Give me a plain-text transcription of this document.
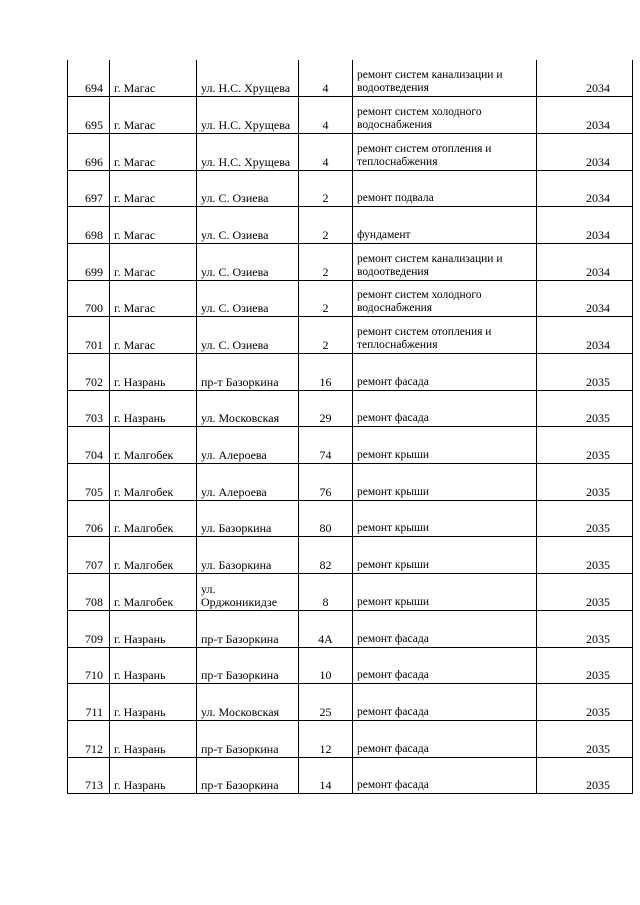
694	г. Магас	ул. Н.С. Хрущева	4	ремонт систем канализации и водоотведения	2034
695	г. Магас	ул. Н.С. Хрущева	4	ремонт систем холодного водоснабжения	2034
696	г. Магас	ул. Н.С. Хрущева	4	ремонт систем отопления и теплоснабжения	2034
697	г. Магас	ул. С. Озиева	2	ремонт подвала	2034
698	г. Магас	ул. С. Озиева	2	фундамент	2034
699	г. Магас	ул. С. Озиева	2	ремонт систем канализации и водоотведения	2034
700	г. Магас	ул. С. Озиева	2	ремонт систем холодного водоснабжения	2034
701	г. Магас	ул. С. Озиева	2	ремонт систем отопления и теплоснабжения	2034
702	г. Назрань	пр-т Базоркина	16	ремонт фасада	2035
703	г. Назрань	ул. Московская	29	ремонт фасада	2035
704	г. Малгобек	ул. Алероева	74	ремонт крыши	2035
705	г. Малгобек	ул. Алероева	76	ремонт крыши	2035
706	г. Малгобек	ул. Базоркина	80	ремонт крыши	2035
707	г. Малгобек	ул. Базоркина	82	ремонт крыши	2035
708	г. Малгобек	ул. Орджоникидзе	8	ремонт крыши	2035
709	г. Назрань	пр-т Базоркина	4А	ремонт фасада	2035
710	г. Назрань	пр-т Базоркина	10	ремонт фасада	2035
711	г. Назрань	ул. Московская	25	ремонт фасада	2035
712	г. Назрань	пр-т Базоркина	12	ремонт фасада	2035
713	г. Назрань	пр-т Базоркина	14	ремонт фасада	2035
